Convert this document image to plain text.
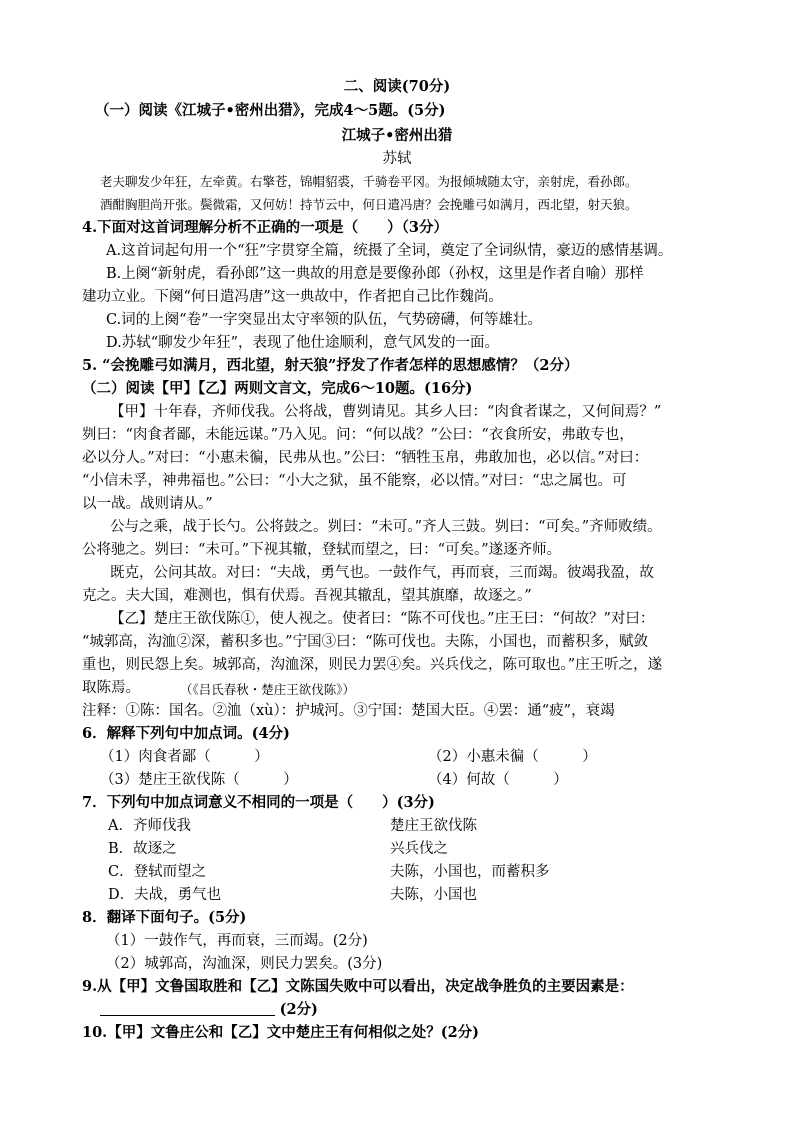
二、阅读(70分)
（一）阅读《江城子•密州出猎》，完成4～5题。(5分)
江城子•密州出猎
苏轼
老夫聊发少年狂，左牵黄。右擎苍，锦帽貂裘，千骑卷平冈。为报倾城随太守，亲射虎，看孙郎。
酒酣胸胆尚开张。鬓微霜，又何妨！持节云中，何日遣冯唐？会挽雕弓如满月，西北望，射天狼。
4.下面对这首词理解分析不正确的一项是（　　）（3分）
A.这首词起句用一个“狂”字贯穿全篇，统摄了全词，奠定了全词纵情，豪迈的感情基调。
B.上阕“新射虎，看孙郎”这一典故的用意是要像孙郎（孙权，这里是作者自喻）那样
建功立业。下阕“何日遣冯唐”这一典故中，作者把自己比作魏尚。
C.词的上阕“卷”一字突显出太守率领的队伍，气势磅礴，何等雄壮。
D.苏轼“聊发少年狂”，表现了他仕途顺利，意气风发的一面。
5. “会挽雕弓如满月，西北望，射天狼”抒发了作者怎样的思想感情？（2分）
（二）阅读【甲】【乙】两则文言文，完成6～10题。(16分)
【甲】十年春，齐师伐我。公将战，曹刿请见。其乡人曰：“肉食者谋之，又何间焉？”
刿曰：“肉食者鄙，未能远谋。”乃入见。问：“何以战？”公曰：“衣食所安，弗敢专也，
必以分人。”对曰：“小惠未徧，民弗从也。”公曰：“牺牲玉帛，弗敢加也，必以信。”对曰：
“小信未孚，神弗福也。”公曰：“小大之狱，虽不能察，必以情。”对曰：“忠之属也。可
以一战。战则请从。”
公与之乘，战于长勺。公将鼓之。刿曰：“未可。”齐人三鼓。刿曰：“可矣。”齐师败绩。
公将驰之。刿曰：“未可。”下视其辙，登轼而望之，曰：“可矣。”遂逐齐师。
既克，公问其故。对曰：“夫战，勇气也。一鼓作气，再而衰，三而竭。彼竭我盈，故
克之。夫大国，难测也，惧有伏焉。吾视其辙乱，望其旗靡，故逐之。”
【乙】楚庄王欲伐陈①，使人视之。使者曰：“陈不可伐也。”庄王曰：“何故？”对曰：
“城郭高，沟洫②深，蓄积多也。”宁国③曰：“陈可伐也。夫陈，小国也，而蓄积多，赋敛
重也，则民怨上矣。城郭高，沟洫深，则民力罢④矣。兴兵伐之，陈可取也。”庄王听之，遂
取陈焉。	（《吕氏春秋・楚庄王欲伐陈》）
注释：①陈：国名。②洫（xù）：护城河。③宁国：楚国大臣。④罢：通“疲”，衰竭
6．解释下列句中加点词。(4分)
（1）肉食者鄙（　　　）	（2）小惠未徧（　　　）
（3）楚庄王欲伐陈（　　　）	（4）何故（　　　）
7．下列句中加点词意义不相同的一项是（　　）(3分)
A．齐师伐我	楚庄王欲伐陈
B．故逐之	兴兵伐之
C．登轼而望之	夫陈，小国也，而蓄积多
D．夫战，勇气也	夫陈，小国也
8．翻译下面句子。(5分)
（1）一鼓作气，再而衰，三而竭。(2分)
（2）城郭高，沟洫深，则民力罢矣。(3分)
9.从【甲】文鲁国取胜和【乙】文陈国失败中可以看出，决定战争胜负的主要因素是：
(2分)
10.【甲】文鲁庄公和【乙】文中楚庄王有何相似之处？(2分)
